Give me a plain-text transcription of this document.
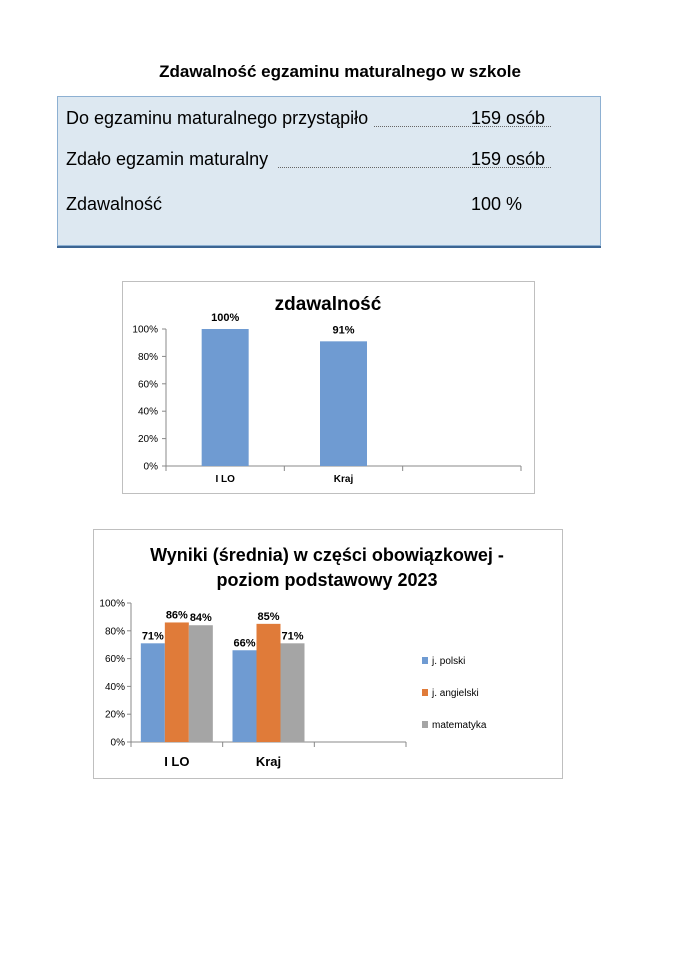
Zdawalność egzaminu maturalnego w szkole
Do egzaminu maturalnego przystąpiło	159 osób
Zdało egzamin maturalny	159 osób
Zdawalność	100 %
zdawalność
0%
20%
40%
60%
80%
100%
100%
91%
I LO	Kraj
Wyniki (średnia) w części obowiązkowej -
poziom podstawowy 2023
0%
20%
40%
60%
80%
100%
71%
66%
86%	85%
84%
71%
I LO	Kraj
j. polski
j. angielski
matematyka
